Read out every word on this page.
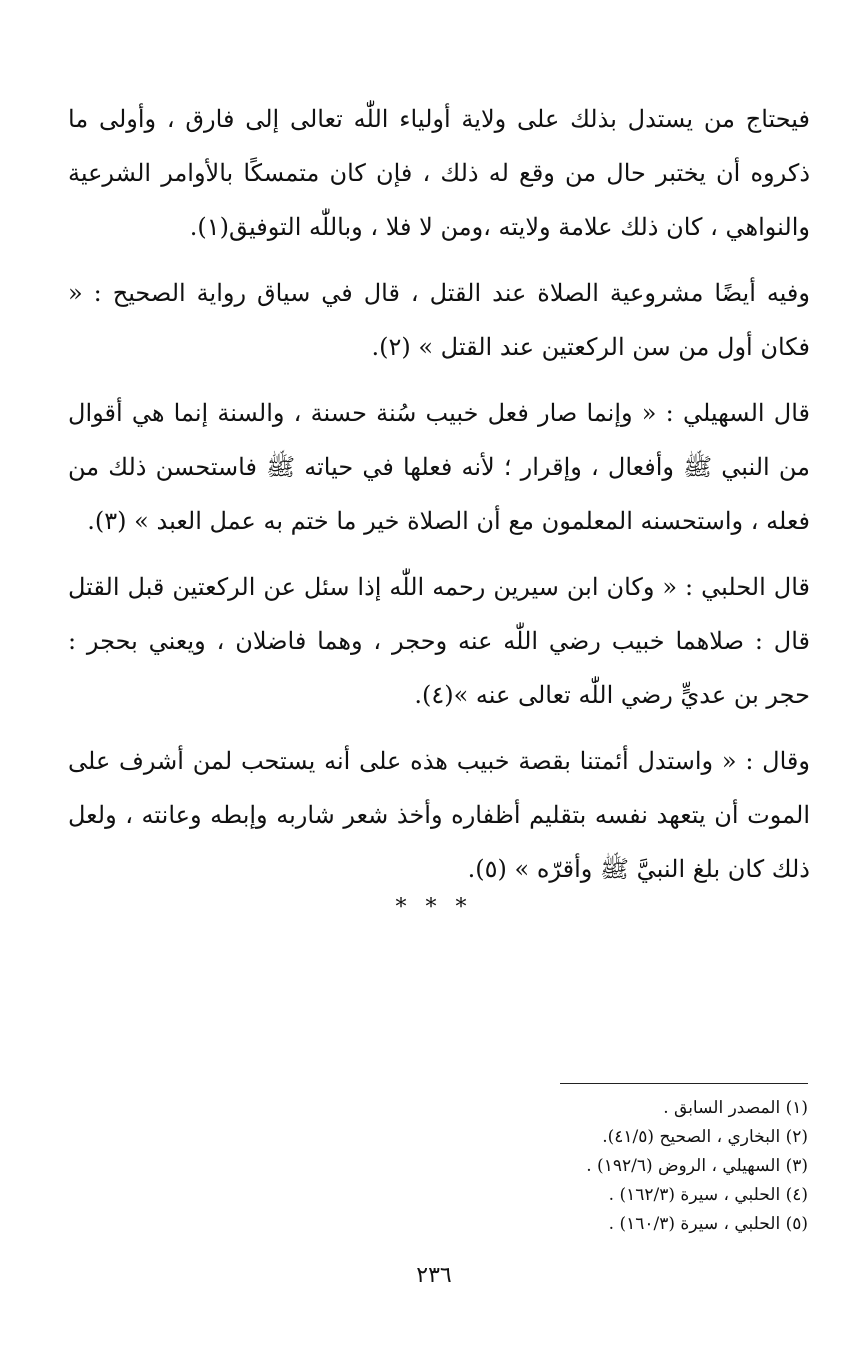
فيحتاج من يستدل بذلك على ولاية أولياء اللّٰه تعالى إلى فارق ، وأولى ما ذكروه أن يختبر حال من وقع له ذلك ، فإن كان متمسكًا بالأوامر الشرعية والنواهي ، كان ذلك علامة ولايته ،ومن لا فلا ، وباللّٰه التوفيق(١).

وفيه أيضًا مشروعية الصلاة عند القتل ، قال في سياق رواية الصحيح : « فكان أول من سن الركعتين عند القتل » (٢).

قال السهيلي : « وإنما صار فعل خبيب سُنة حسنة ، والسنة إنما هي أقوال من النبي ﷺ وأفعال ، وإقرار ؛ لأنه فعلها في حياته ﷺ فاستحسن ذلك من فعله ، واستحسنه المعلمون مع أن الصلاة خير ما ختم به عمل العبد » (٣).

قال الحلبي : « وكان ابن سيرين رحمه اللّٰه إذا سئل عن الركعتين قبل القتل قال : صلاهما خبيب رضي اللّٰه عنه وحجر ، وهما فاضلان ، ويعني بحجر : حجر بن عديٍّ رضي اللّٰه تعالى عنه »(٤).

وقال : « واستدل أئمتنا بقصة خبيب هذه على أنه يستحب لمن أشرف على الموت أن يتعهد نفسه بتقليم أظفاره وأخذ شعر شاربه وإبطه وعانته ، ولعل ذلك كان بلغ النبيَّ ﷺ وأقرّه » (٥).

* * *
(١) المصدر السابق .
(٢) البخاري ، الصحيح (٤١/٥).
(٣) السهيلي ، الروض (١٩٢/٦) .
(٤) الحلبي ، سيرة (١٦٢/٣) .
(٥) الحلبي ، سيرة (١٦٠/٣) .
٢٣٦
